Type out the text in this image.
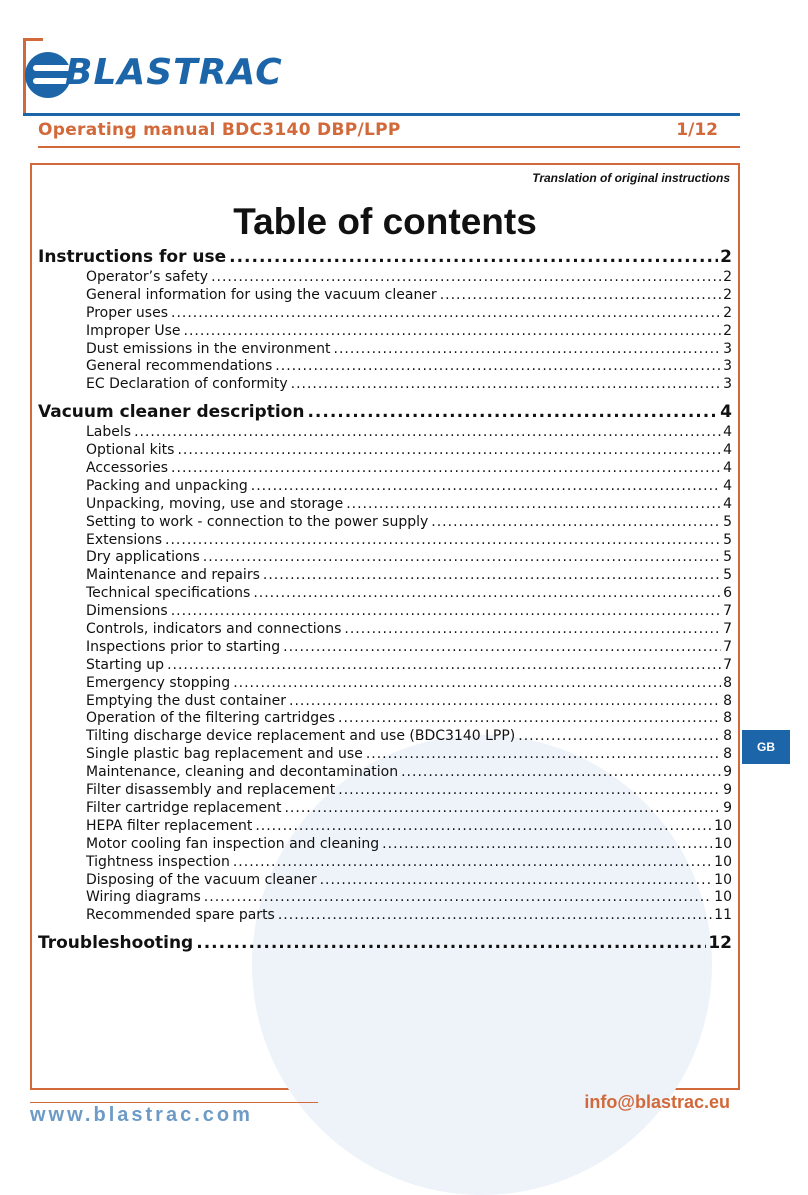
BLASTRAC
Operating manual BDC3140 DBP/LPP	1/12
Translation of original instructions
Table of contents
Instructions for use .....	2
Operator’s safety .....	2
General information for using the vacuum cleaner .....	2
Proper uses .....	2
Improper Use .....	2
Dust emissions in the environment .....	3
General recommendations .....	3
EC Declaration of conformity .....	3
Vacuum cleaner description .....	4
Labels .....	4
Optional kits .....	4
Accessories .....	4
Packing and unpacking .....	4
Unpacking, moving, use and storage .....	4
Setting to work - connection to the power supply .....	5
Extensions .....	5
Dry applications .....	5
Maintenance and repairs .....	5
Technical specifications .....	6
Dimensions .....	7
Controls, indicators and connections .....	7
Inspections prior to starting .....	7
Starting up .....	7
Emergency stopping .....	8
Emptying the dust container .....	8
Operation of the filtering cartridges .....	8
Tilting discharge device replacement and use (BDC3140 LPP) .....	8
Single plastic bag replacement and use .....	8
Maintenance, cleaning and decontamination .....	9
Filter disassembly and replacement .....	9
Filter cartridge replacement .....	9
HEPA filter replacement .....	10
Motor cooling fan inspection and cleaning .....	10
Tightness inspection .....	10
Disposing of the vacuum cleaner .....	10
Wiring diagrams .....	10
Recommended spare parts .....	11
Troubleshooting .....	12
GB
info@blastrac.eu
www.blastrac.com
